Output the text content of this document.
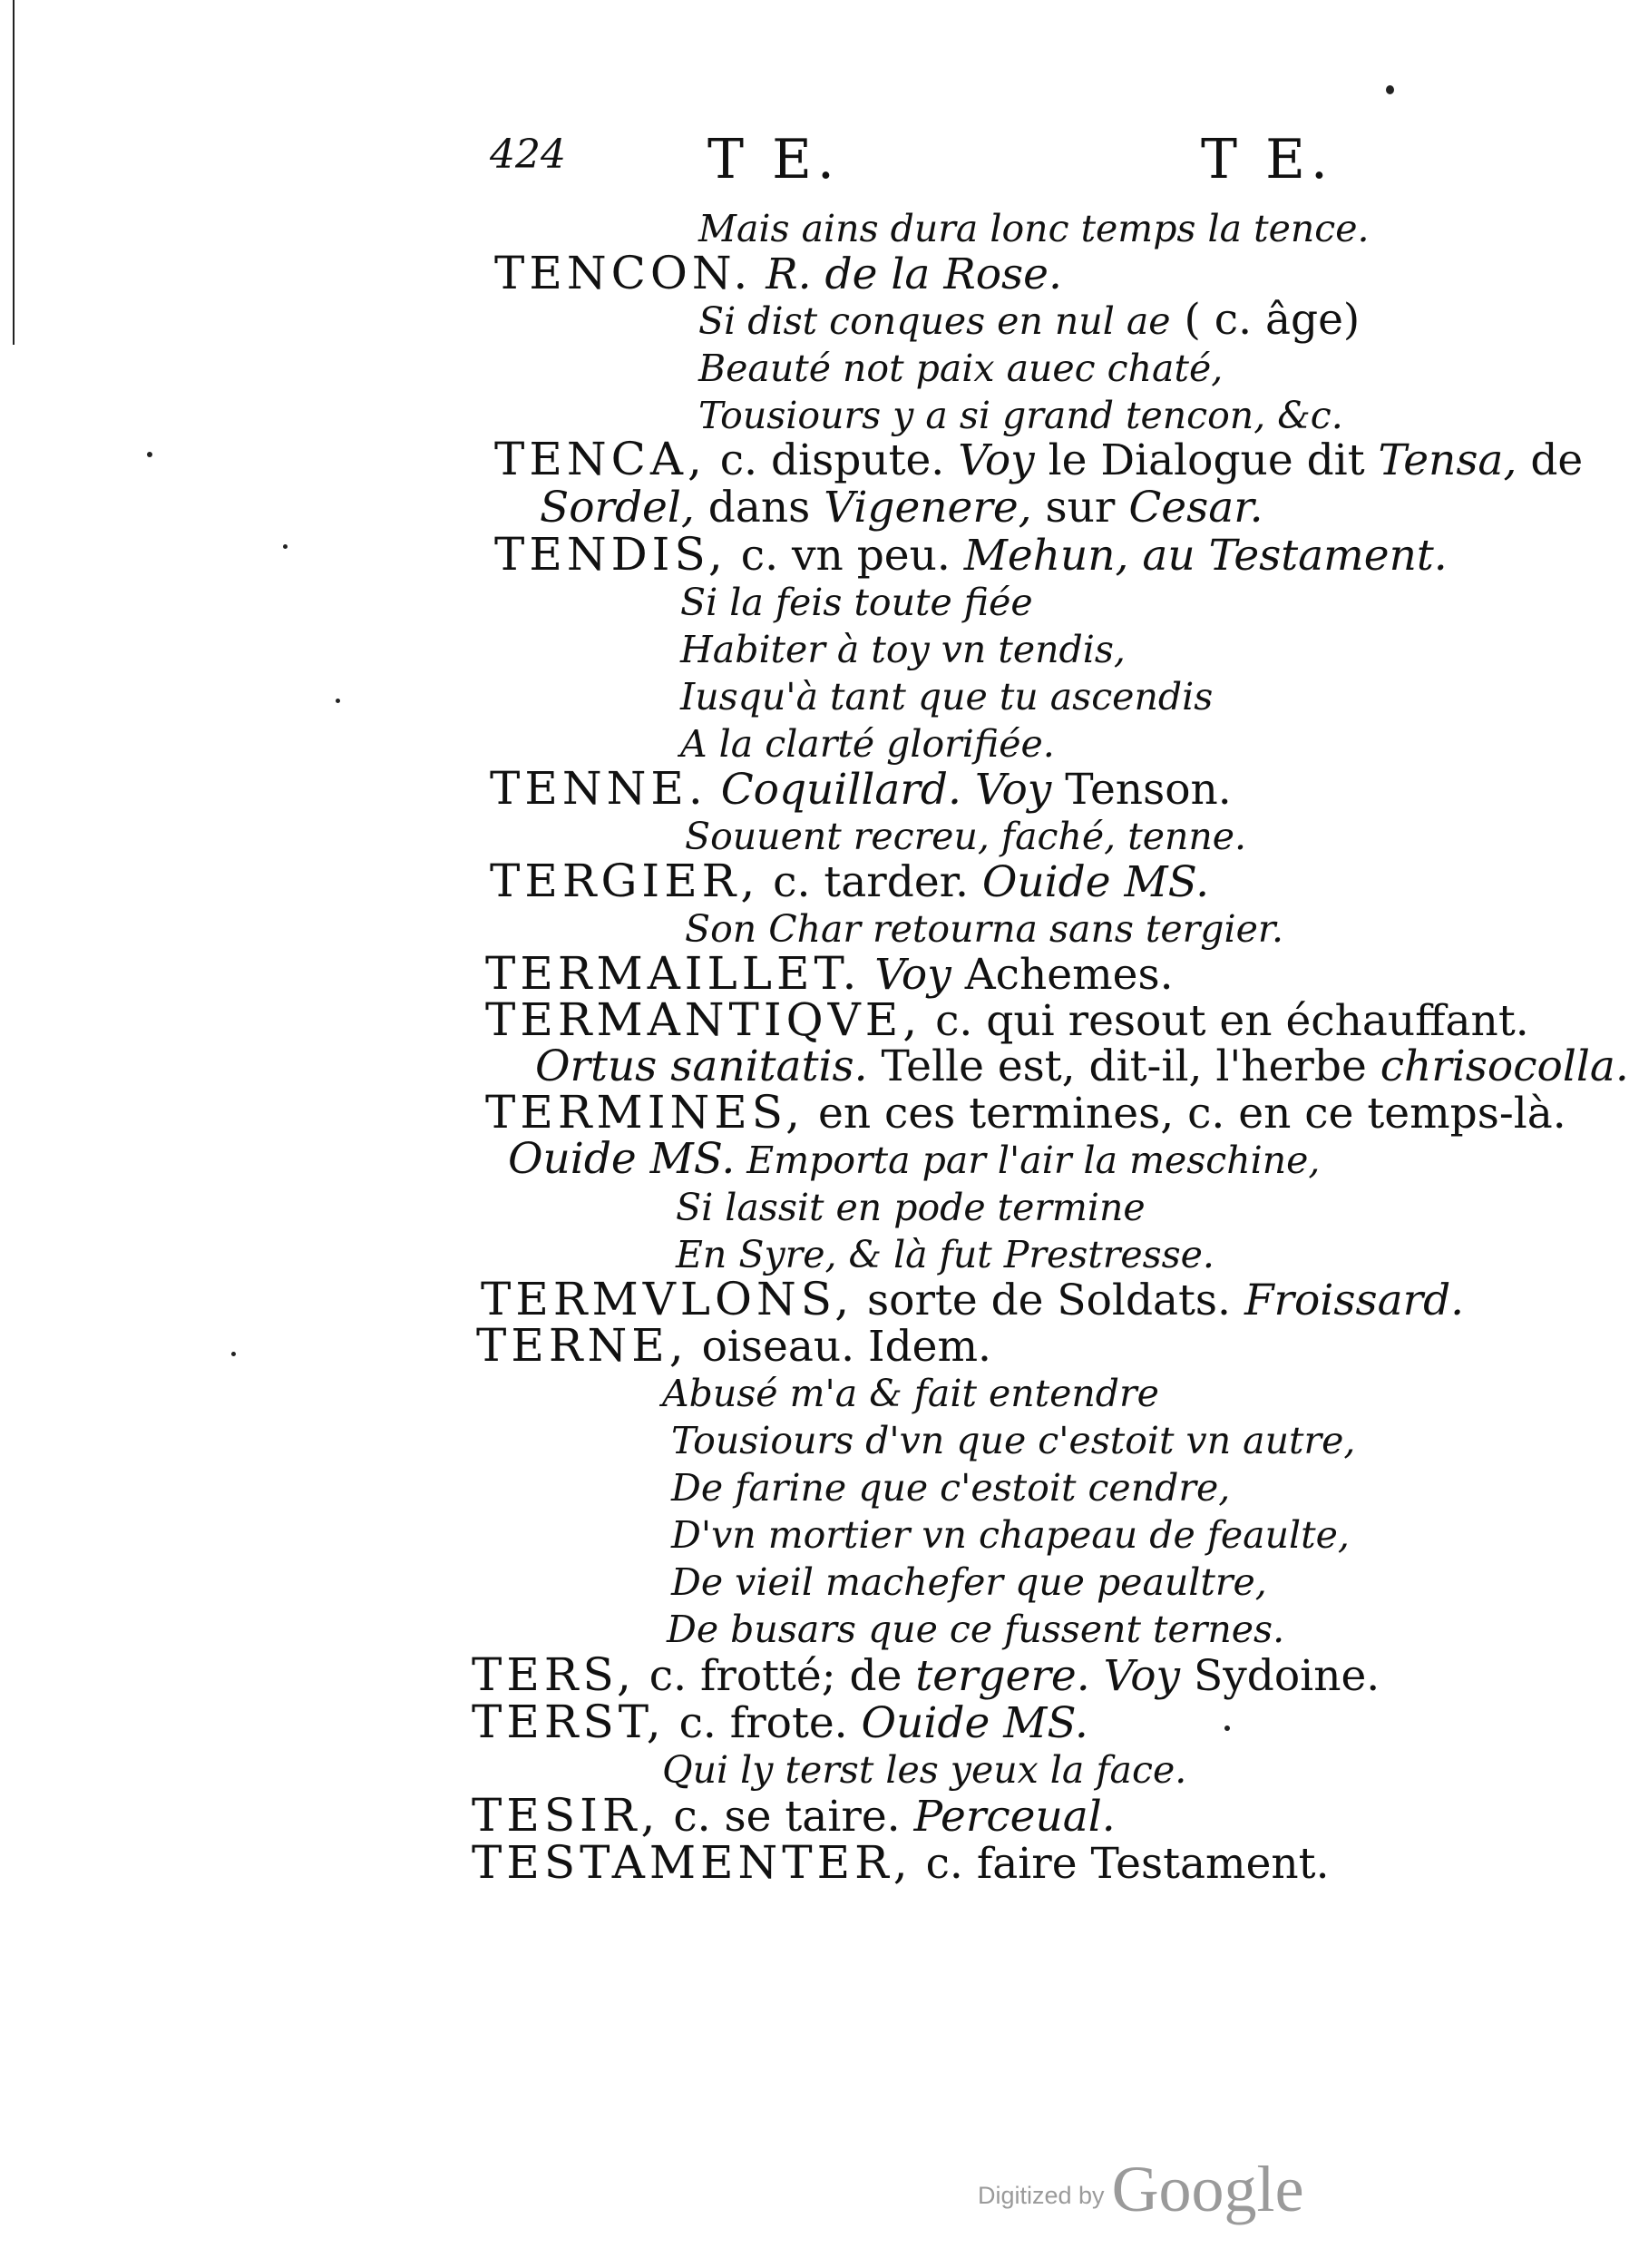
424	T E.	T E.
Mais ains dura lonc temps la tence.
TENCON. R. de la Rose.
Si dist conques en nul ae ( c. âge)
Beauté not paix auec chaté,
Tousiours y a si grand tencon, &c.
TENCA, c. dispute. Voy le Dialogue dit Tensa, de
Sordel, dans Vigenere, sur Cesar.
TENDIS, c. vn peu. Mehun, au Testament.
Si la feis toute fiée
Habiter à toy vn tendis,
Iusqu'à tant que tu ascendis
A la clarté glorifiée.
TENNE. Coquillard. Voy Tenson.
Souuent recreu, faché, tenne.
TERGIER, c. tarder. Ouide MS.
Son Char retourna sans tergier.
TERMAILLET. Voy Achemes.
TERMANTIQVE, c. qui resout en échauffant.
Ortus sanitatis. Telle est, dit-il, l'herbe chrisocolla.
TERMINES, en ces termines, c. en ce temps-là.
Ouide MS. Emporta par l'air la meschine,
Si lassit en pode termine
En Syre, & là fut Prestresse.
TERMVLONS, sorte de Soldats. Froissard.
TERNE, oiseau. Idem.
Abusé m'a & fait entendre
Tousiours d'vn que c'estoit vn autre,
De farine que c'estoit cendre,
D'vn mortier vn chapeau de feaulte,
De vieil machefer que peaultre,
De busars que ce fussent ternes.
TERS, c. frotté; de tergere. Voy Sydoine.
TERST, c. frote. Ouide MS.
Qui ly terst les yeux la face.
TESIR, c. se taire. Perceual.
TESTAMENTER, c. faire Testament.
Digitized by Google
